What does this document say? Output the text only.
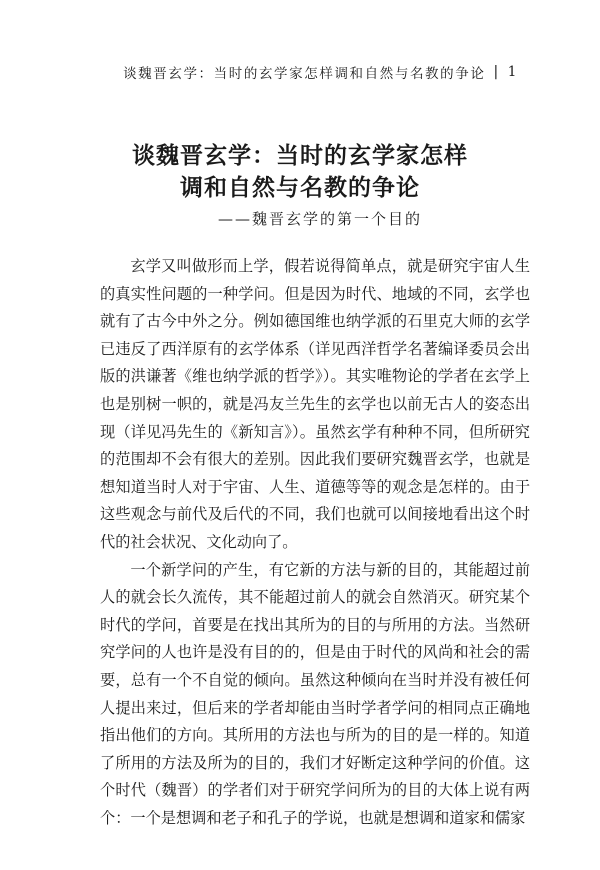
谈魏晋玄学：当时的玄学家怎样调和自然与名教的争论 | 1
谈魏晋玄学：当时的玄学家怎样
调和自然与名教的争论
——魏晋玄学的第一个目的

玄学又叫做形而上学，假若说得简单点，就是研究宇宙人生的真实性问题的一种学问。但是因为时代、地域的不同，玄学也就有了古今中外之分。例如德国维也纳学派的石里克大师的玄学已违反了西洋原有的玄学体系（详见西洋哲学名著编译委员会出版的洪谦著《维也纳学派的哲学》）。其实唯物论的学者在玄学上也是别树一帜的，就是冯友兰先生的玄学也以前无古人的姿态出现（详见冯先生的《新知言》）。虽然玄学有种种不同，但所研究的范围却不会有很大的差别。因此我们要研究魏晋玄学，也就是想知道当时人对于宇宙、人生、道德等等的观念是怎样的。由于这些观念与前代及后代的不同，我们也就可以间接地看出这个时代的社会状况、文化动向了。

一个新学问的产生，有它新的方法与新的目的，其能超过前人的就会长久流传，其不能超过前人的就会自然消灭。研究某个时代的学问，首要是在找出其所为的目的与所用的方法。当然研究学问的人也许是没有目的的，但是由于时代的风尚和社会的需要，总有一个不自觉的倾向。虽然这种倾向在当时并没有被任何人提出来过，但后来的学者却能由当时学者学问的相同点正确地指出他们的方向。其所用的方法也与所为的目的是一样的。知道了所用的方法及所为的目的，我们才好断定这种学问的价值。这个时代（魏晋）的学者们对于研究学问所为的目的大体上说有两个：一个是想调和老子和孔子的学说，也就是想调和道家和儒家
